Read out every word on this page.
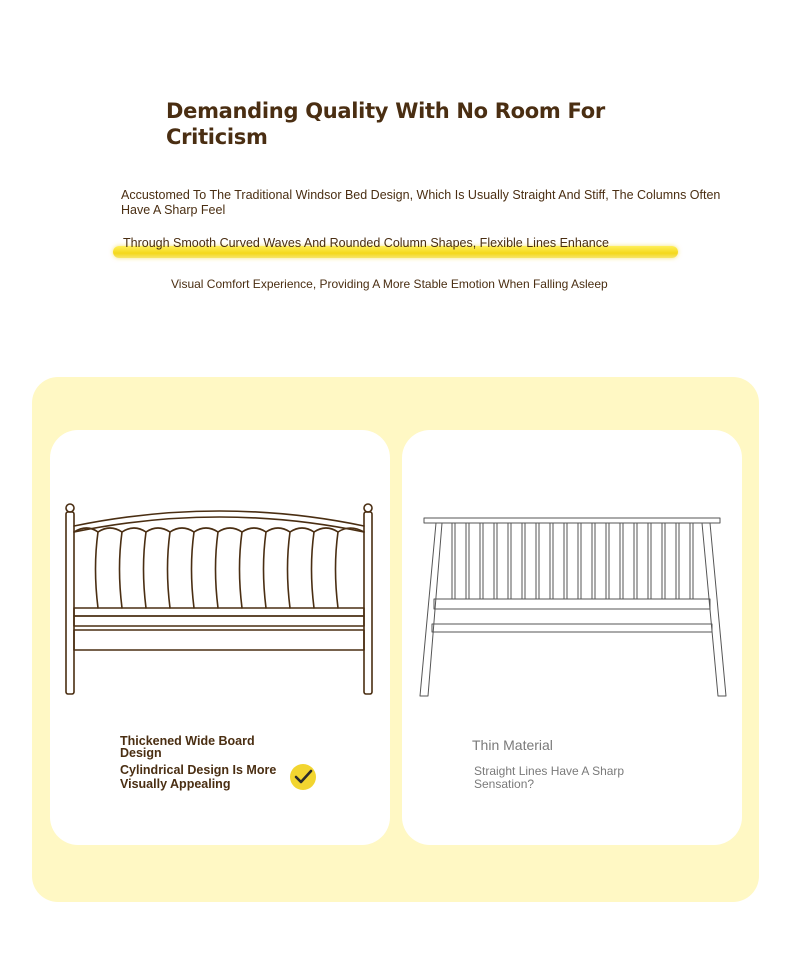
Demanding Quality With No Room For Criticism

Accustomed To The Traditional Windsor Bed Design, Which Is Usually Straight And Stiff, The Columns Often Have A Sharp Feel

Through Smooth Curved Waves And Rounded Column Shapes, Flexible Lines Enhance
Visual Comfort Experience, Providing A More Stable Emotion When Falling Asleep
Thickened Wide Board Design
Cylindrical Design Is More Visually Appealing
Thin Material
Straight Lines Have A Sharp Sensation?
